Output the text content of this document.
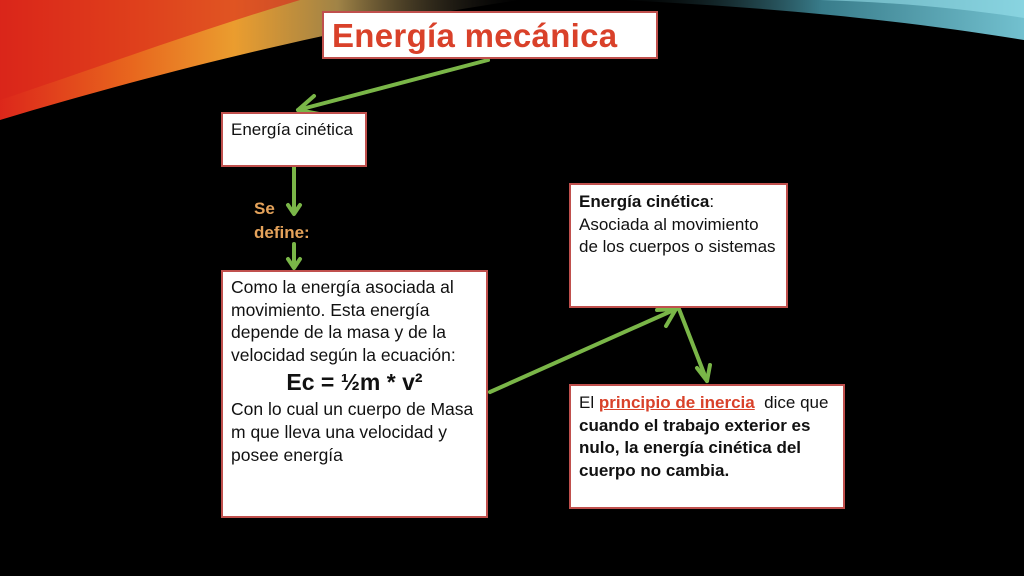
Energía mecánica
Energía cinética
Se define:
Como la energía asociada al movimiento. Esta energía depende de la masa y de la velocidad según la ecuación:
Ec = ½m * v²
Con lo cual un cuerpo de Masa m que lleva una velocidad y posee energía
Energía cinética: Asociada al movimiento de los cuerpos o sistemas
El principio de inercia  dice que cuando el trabajo exterior es nulo, la energía cinética del cuerpo no cambia.
